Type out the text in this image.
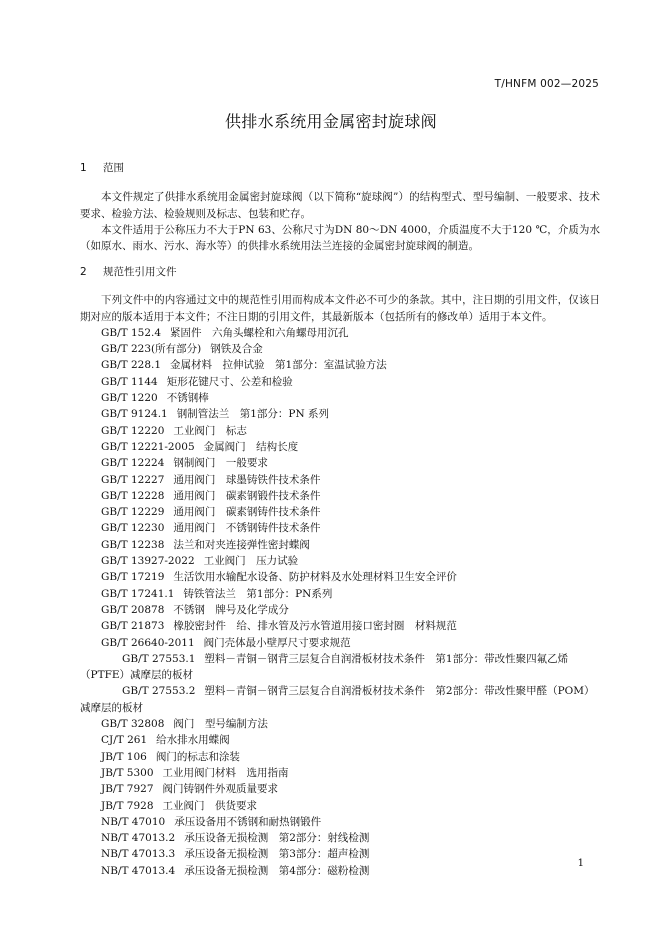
T/HNFM 002—2025
供排水系统用金属密封旋球阀
1	范围

本文件规定了供排水系统用金属密封旋球阀（以下简称“旋球阀”）的结构型式、型号编制、一般要求、技术要求、检验方法、检验规则及标志、包装和贮存。

本文件适用于公称压力不大于PN 63、公称尺寸为DN 80～DN 4000，介质温度不大于120 ℃，介质为水（如原水、雨水、污水、海水等）的供排水系统用法兰连接的金属密封旋球阀的制造。

2	规范性引用文件

下列文件中的内容通过文中的规范性引用而构成本文件必不可少的条款。其中，注日期的引用文件，仅该日期对应的版本适用于本文件；不注日期的引用文件，其最新版本（包括所有的修改单）适用于本文件。

GB/T 152.4 紧固件　六角头螺栓和六角螺母用沉孔
GB/T 223(所有部分) 钢铁及合金
GB/T 228.1 金属材料　拉伸试验　第1部分：室温试验方法
GB/T 1144 矩形花键尺寸、公差和检验
GB/T 1220 不锈钢棒
GB/T 9124.1 钢制管法兰　第1部分：PN 系列
GB/T 12220 工业阀门　标志
GB/T 12221-2005 金属阀门　结构长度
GB/T 12224 钢制阀门　一般要求
GB/T 12227 通用阀门　球墨铸铁件技术条件
GB/T 12228 通用阀门　碳素钢锻件技术条件
GB/T 12229 通用阀门　碳素钢铸件技术条件
GB/T 12230 通用阀门　不锈钢铸件技术条件
GB/T 12238 法兰和对夹连接弹性密封蝶阀
GB/T 13927-2022 工业阀门　压力试验
GB/T 17219 生活饮用水输配水设备、防护材料及水处理材料卫生安全评价
GB/T 17241.1 铸铁管法兰　第1部分：PN系列
GB/T 20878 不锈钢　牌号及化学成分
GB/T 21873 橡胶密封件　给、排水管及污水管道用接口密封圈　材料规范
GB/T 26640-2011 阀门壳体最小壁厚尺寸要求规范
GB/T 27553.1 塑料－青铜－钢背三层复合自润滑板材技术条件　第1部分：带改性聚四氟乙烯（PTFE）减摩层的板材
GB/T 27553.2 塑料－青铜－钢背三层复合自润滑板材技术条件　第2部分：带改性聚甲醛（POM）减摩层的板材
GB/T 32808 阀门　型号编制方法
CJ/T 261 给水排水用蝶阀
JB/T 106 阀门的标志和涂装
JB/T 5300 工业用阀门材料　选用指南
JB/T 7927 阀门铸钢件外观质量要求
JB/T 7928 工业阀门　供货要求
NB/T 47010 承压设备用不锈钢和耐热钢锻件
NB/T 47013.2 承压设备无损检测　第2部分：射线检测
NB/T 47013.3 承压设备无损检测　第3部分：超声检测
NB/T 47013.4 承压设备无损检测　第4部分：磁粉检测
1
